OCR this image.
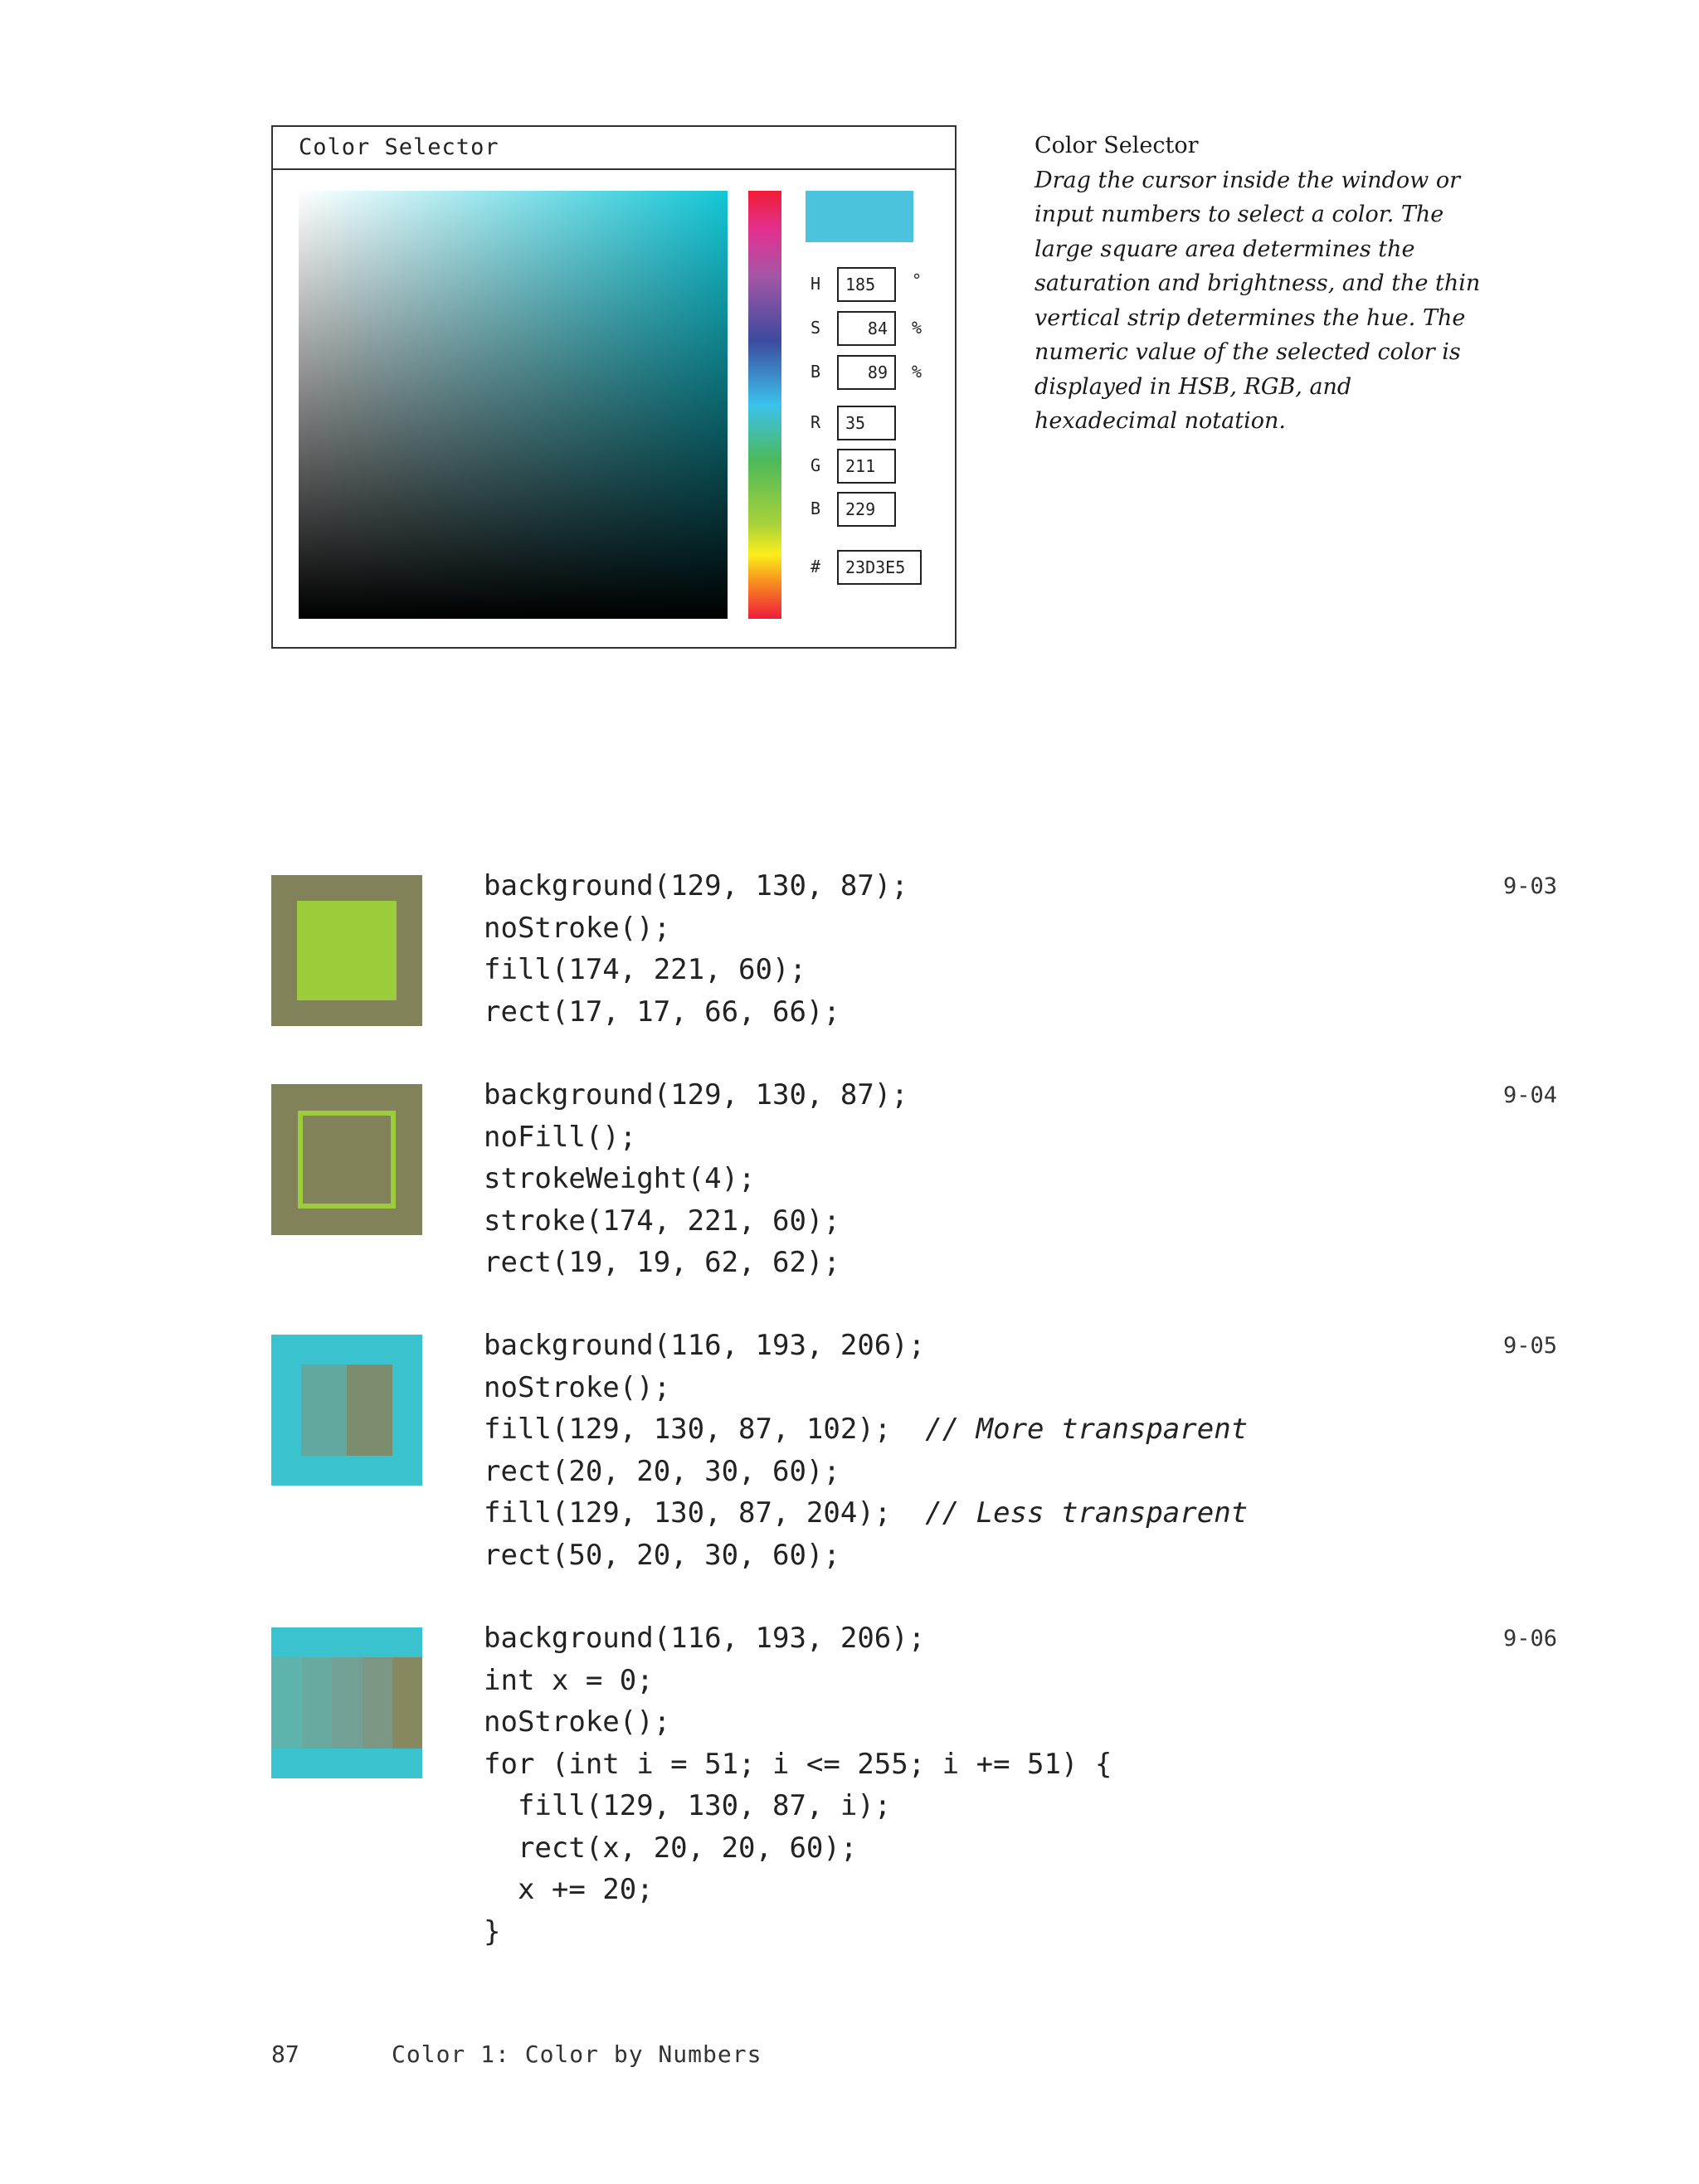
Color Selector
H	185	°
S	84	%
B	89	%
R	35
G	211
B	229
#	23D3E5
Color Selector
Drag the cursor inside the window or input numbers to select a color. The large square area determines the saturation and brightness, and the thin vertical strip determines the hue. The numeric value of the selected color is displayed in HSB, RGB, and hexadecimal notation.
background(129, 130, 87);
noStroke();
fill(174, 221, 60);
rect(17, 17, 66, 66);
9-03
background(129, 130, 87);
noFill();
strokeWeight(4);
stroke(174, 221, 60);
rect(19, 19, 62, 62);
9-04
background(116, 193, 206);
noStroke();
fill(129, 130, 87, 102);  // More transparent
rect(20, 20, 30, 60);
fill(129, 130, 87, 204);  // Less transparent
rect(50, 20, 30, 60);
9-05
background(116, 193, 206);
int x = 0;
noStroke();
for (int i = 51; i <= 255; i += 51) {
fill(129, 130, 87, i);
rect(x, 20, 20, 60);
x += 20;
}
9-06
87	Color 1: Color by Numbers
